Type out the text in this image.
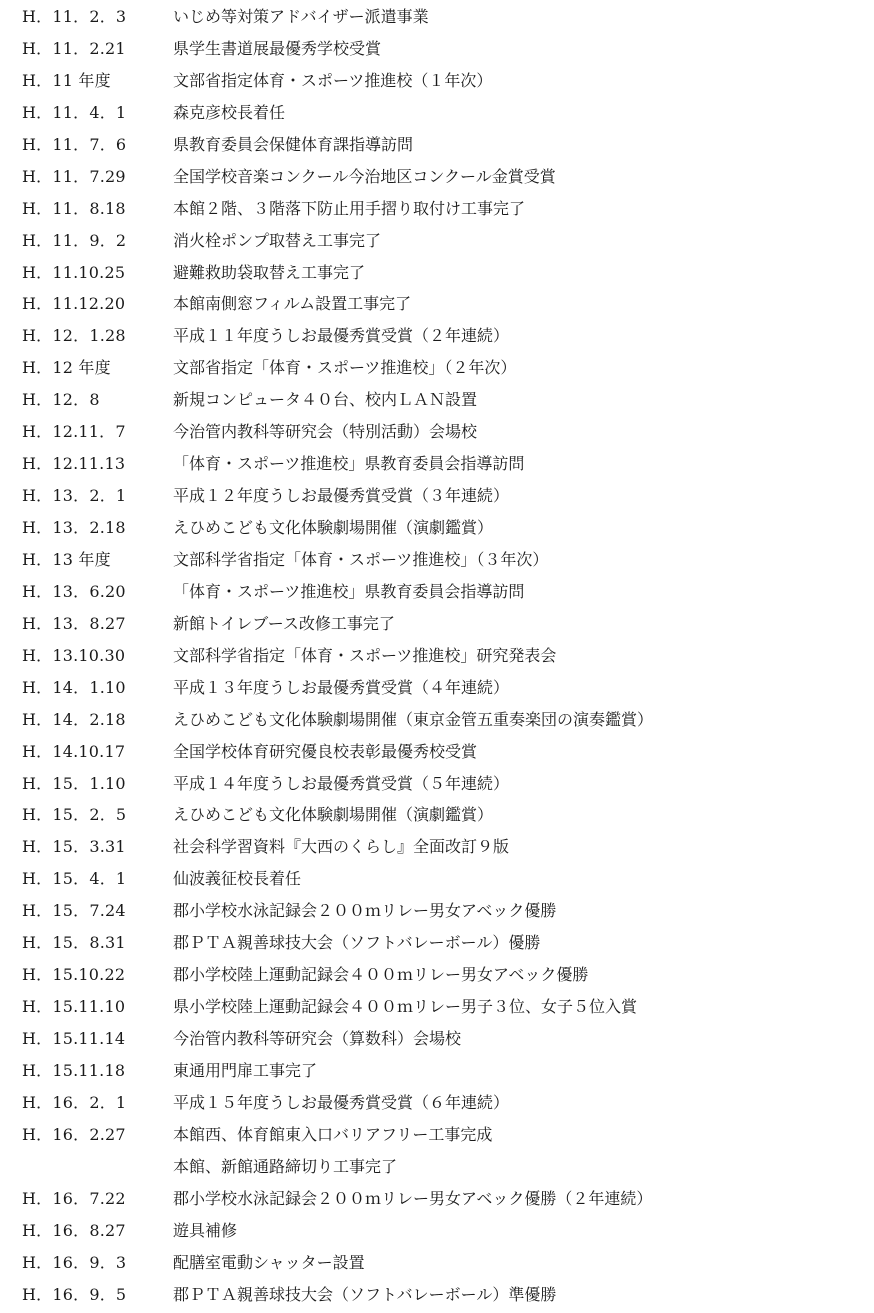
H．11．2．3	いじめ等対策アドバイザー派遣事業
H．11．2.21	県学生書道展最優秀学校受賞
H．11 年度	文部省指定体育・スポーツ推進校（１年次）
H．11．4．1	森克彦校長着任
H．11．7．6	県教育委員会保健体育課指導訪問
H．11．7.29	全国学校音楽コンクール今治地区コンクール金賞受賞
H．11．8.18	本館２階、３階落下防止用手摺り取付け工事完了
H．11．9．2	消火栓ポンプ取替え工事完了
H．11.10.25	避難救助袋取替え工事完了
H．11.12.20	本館南側窓フィルム設置工事完了
H．12．1.28	平成１１年度うしお最優秀賞受賞（２年連続）
H．12 年度	文部省指定「体育・スポーツ推進校」（２年次）
H．12．8	新規コンピュータ４０台、校内ＬＡＮ設置
H．12.11．7	今治管内教科等研究会（特別活動）会場校
H．12.11.13	「体育・スポーツ推進校」県教育委員会指導訪問
H．13．2．1	平成１２年度うしお最優秀賞受賞（３年連続）
H．13．2.18	えひめこども文化体験劇場開催（演劇鑑賞）
H．13 年度	文部科学省指定「体育・スポーツ推進校」（３年次）
H．13．6.20	「体育・スポーツ推進校」県教育委員会指導訪問
H．13．8.27	新館トイレブース改修工事完了
H．13.10.30	文部科学省指定「体育・スポーツ推進校」研究発表会
H．14．1.10	平成１３年度うしお最優秀賞受賞（４年連続）
H．14．2.18	えひめこども文化体験劇場開催（東京金管五重奏楽団の演奏鑑賞）
H．14.10.17	全国学校体育研究優良校表彰最優秀校受賞
H．15．1.10	平成１４年度うしお最優秀賞受賞（５年連続）
H．15．2．5	えひめこども文化体験劇場開催（演劇鑑賞）
H．15．3.31	社会科学習資料『大西のくらし』全面改訂９版
H．15．4．1	仙波義征校長着任
H．15．7.24	郡小学校水泳記録会２００ｍリレー男女アベック優勝
H．15．8.31	郡ＰＴＡ親善球技大会（ソフトバレーボール）優勝
H．15.10.22	郡小学校陸上運動記録会４００ｍリレー男女アベック優勝
H．15.11.10	県小学校陸上運動記録会４００ｍリレー男子３位、女子５位入賞
H．15.11.14	今治管内教科等研究会（算数科）会場校
H．15.11.18	東通用門扉工事完了
H．16．2．1	平成１５年度うしお最優秀賞受賞（６年連続）
H．16．2.27	本館西、体育館東入口バリアフリー工事完成
本館、新館通路締切り工事完了
H．16．7.22	郡小学校水泳記録会２００ｍリレー男女アベック優勝（２年連続）
H．16．8.27	遊具補修
H．16．9．3	配膳室電動シャッター設置
H．16．9．5	郡ＰＴＡ親善球技大会（ソフトバレーボール）準優勝
